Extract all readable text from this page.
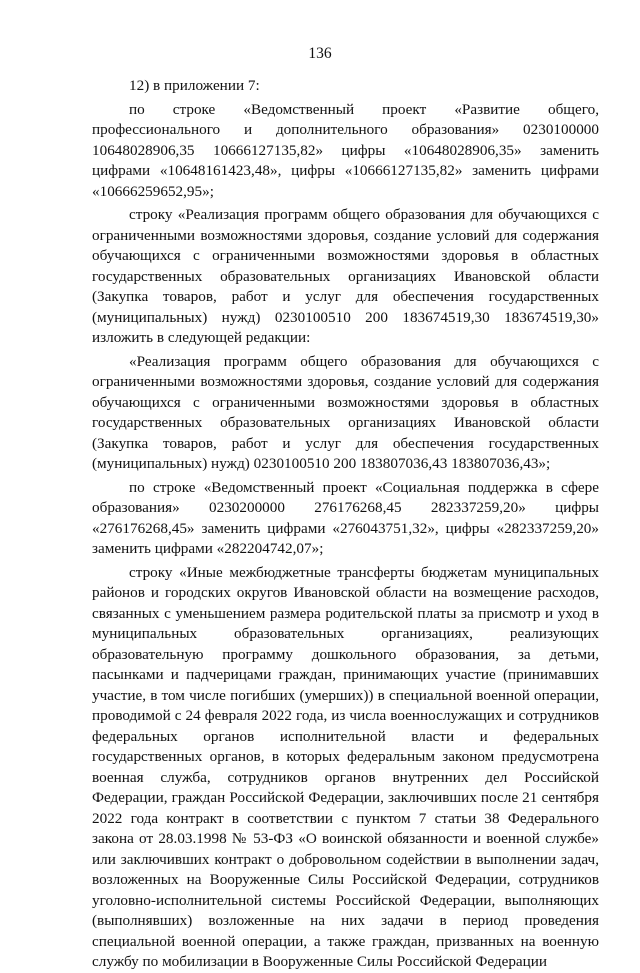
136

12) в приложении 7:

по строке «Ведомственный проект «Развитие общего, профессионального и дополнительного образования» 0230100000 10648028906,35 10666127135,82» цифры «10648028906,35» заменить цифрами «10648161423,48», цифры «10666127135,82» заменить цифрами «10666259652,95»;

строку «Реализация программ общего образования для обучающихся с ограниченными возможностями здоровья, создание условий для содержания обучающихся с ограниченными возможностями здоровья в областных государственных образовательных организациях Ивановской области (Закупка товаров, работ и услуг для обеспечения государственных (муниципальных) нужд) 0230100510 200 183674519,30 183674519,30» изложить в следующей редакции:

«Реализация программ общего образования для обучающихся с ограниченными возможностями здоровья, создание условий для содержания обучающихся с ограниченными возможностями здоровья в областных государственных образовательных организациях Ивановской области (Закупка товаров, работ и услуг для обеспечения государственных (муниципальных) нужд) 0230100510 200 183807036,43 183807036,43»;

по строке «Ведомственный проект «Социальная поддержка в сфере образования» 0230200000 276176268,45 282337259,20» цифры «276176268,45» заменить цифрами «276043751,32», цифры «282337259,20» заменить цифрами «282204742,07»;

строку «Иные межбюджетные трансферты бюджетам муниципальных районов и городских округов Ивановской области на возмещение расходов, связанных с уменьшением размера родительской платы за присмотр и уход в муниципальных образовательных организациях, реализующих образовательную программу дошкольного образования, за детьми, пасынками и падчерицами граждан, принимающих участие (принимавших участие, в том числе погибших (умерших)) в специальной военной операции, проводимой с 24 февраля 2022 года, из числа военнослужащих и сотрудников федеральных органов исполнительной власти и федеральных государственных органов, в которых федеральным законом предусмотрена военная служба, сотрудников органов внутренних дел Российской Федерации, граждан Российской Федерации, заключивших после 21 сентября 2022 года контракт в соответствии с пунктом 7 статьи 38 Федерального закона от 28.03.1998 № 53-ФЗ «О воинской обязанности и военной службе» или заключивших контракт о добровольном содействии в выполнении задач, возложенных на Вооруженные Силы Российской Федерации, сотрудников уголовно-исполнительной системы Российской Федерации, выполняющих (выполнявших) возложенные на них задачи в период проведения специальной военной операции, а также граждан, призванных на военную службу по мобилизации в Вооруженные Силы Российской Федерации
